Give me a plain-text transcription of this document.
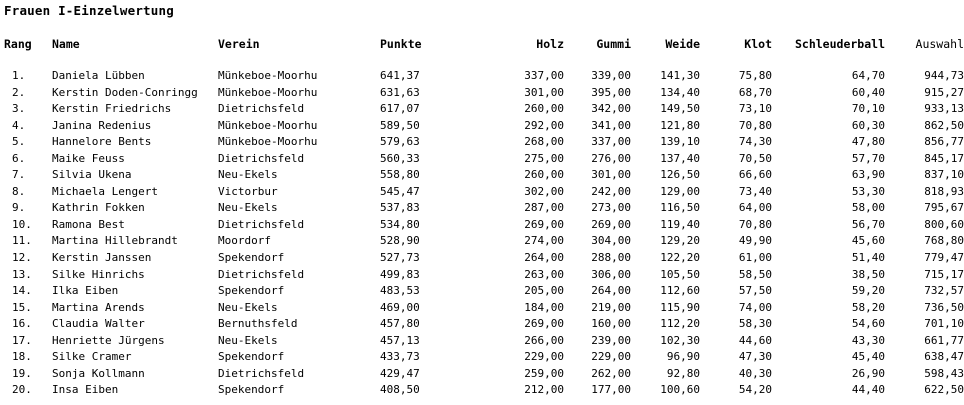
Frauen I-Einzelwertung
Rang	Name	Verein	Punkte	Holz	Gummi	Weide	Klot	Schleuderball	Auswahl

1.	Daniela Lübben	Münkeboe-Moorhu	641,37	337,00	339,00	141,30	75,80	64,70	944,73
2.	Kerstin Doden-Conringg	Münkeboe-Moorhu	631,63	301,00	395,00	134,40	68,70	60,40	915,27
3.	Kerstin Friedrichs	Dietrichsfeld	617,07	260,00	342,00	149,50	73,10	70,10	933,13
4.	Janina Redenius	Münkeboe-Moorhu	589,50	292,00	341,00	121,80	70,80	60,30	862,50
5.	Hannelore Bents	Münkeboe-Moorhu	579,63	268,00	337,00	139,10	74,30	47,80	856,77
6.	Maike Feuss	Dietrichsfeld	560,33	275,00	276,00	137,40	70,50	57,70	845,17
7.	Silvia Ukena	Neu-Ekels	558,80	260,00	301,00	126,50	66,60	63,90	837,10
8.	Michaela Lengert	Victorbur	545,47	302,00	242,00	129,00	73,40	53,30	818,93
9.	Kathrin Fokken	Neu-Ekels	537,83	287,00	273,00	116,50	64,00	58,00	795,67
10.	Ramona Best	Dietrichsfeld	534,80	269,00	269,00	119,40	70,80	56,70	800,60
11.	Martina Hillebrandt	Moordorf	528,90	274,00	304,00	129,20	49,90	45,60	768,80
12.	Kerstin Janssen	Spekendorf	527,73	264,00	288,00	122,20	61,00	51,40	779,47
13.	Silke Hinrichs	Dietrichsfeld	499,83	263,00	306,00	105,50	58,50	38,50	715,17
14.	Ilka Eiben	Spekendorf	483,53	205,00	264,00	112,60	57,50	59,20	732,57
15.	Martina Arends	Neu-Ekels	469,00	184,00	219,00	115,90	74,00	58,20	736,50
16.	Claudia Walter	Bernuthsfeld	457,80	269,00	160,00	112,20	58,30	54,60	701,10
17.	Henriette Jürgens	Neu-Ekels	457,13	266,00	239,00	102,30	44,60	43,30	661,77
18.	Silke Cramer	Spekendorf	433,73	229,00	229,00	96,90	47,30	45,40	638,47
19.	Sonja Kollmann	Dietrichsfeld	429,47	259,00	262,00	92,80	40,30	26,90	598,43
20.	Insa Eiben	Spekendorf	408,50	212,00	177,00	100,60	54,20	44,40	622,50
